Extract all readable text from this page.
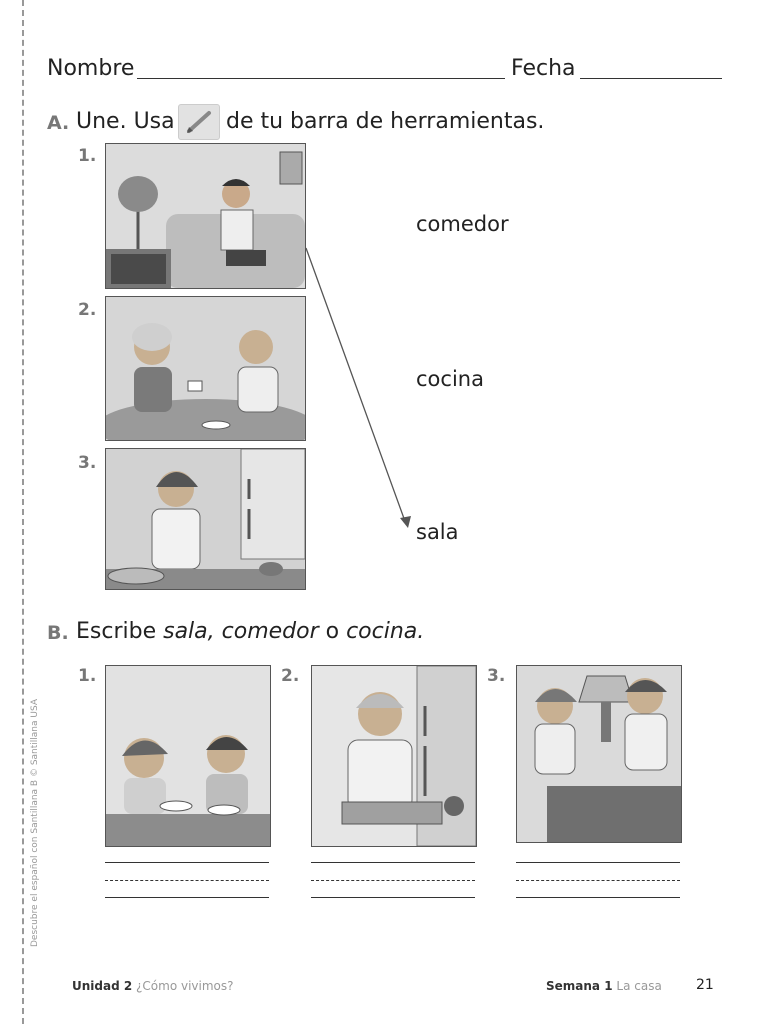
Descubre el español con Santillana B © Santillana USA
Nombre	Fecha
A. Une. Usa de tu barra de herramientas.
1.
2.
3.
comedor
cocina
sala
B. Escribe sala, comedor o cocina.
1.	2.	3.
Unidad 2 ¿Cómo vivimos?	Semana 1 La casa 21
